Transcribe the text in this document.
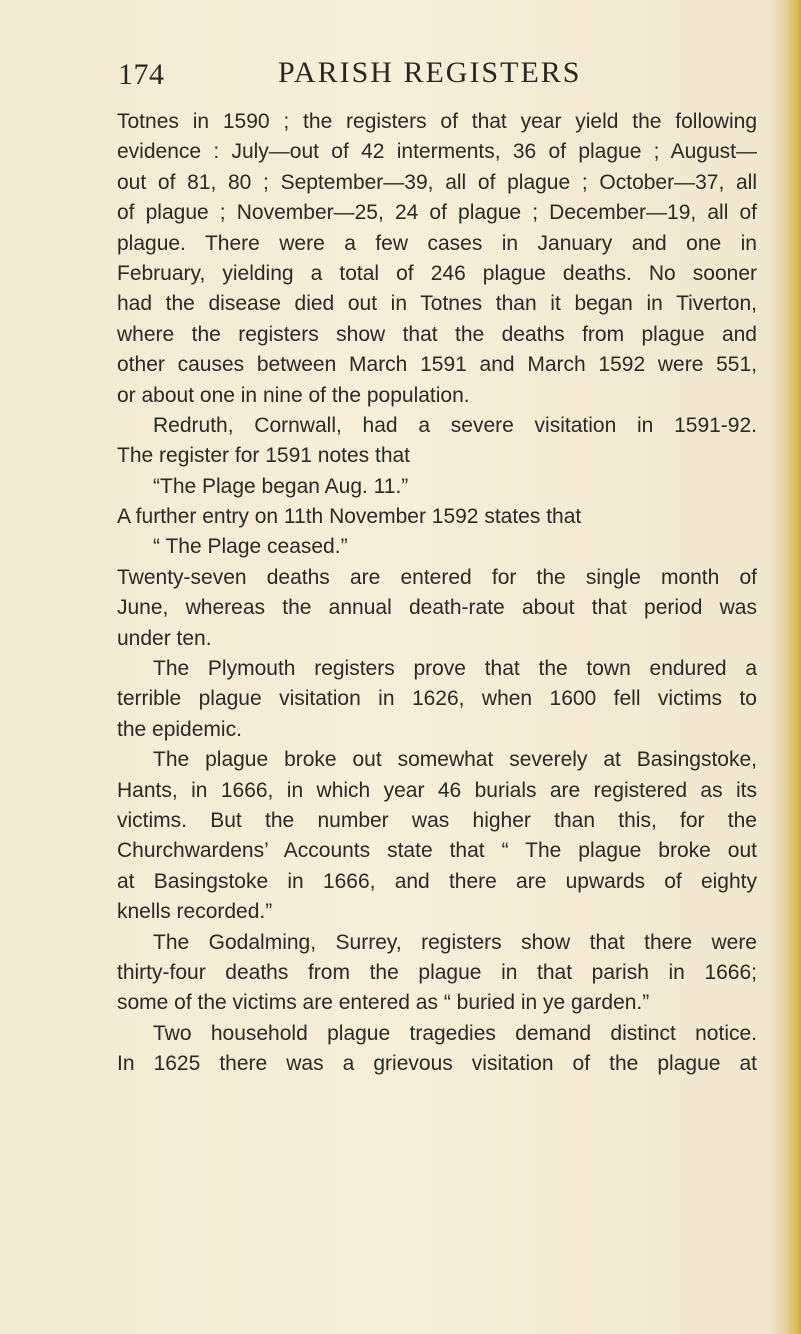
174	PARISH REGISTERS
Totnes in 1590 ; the registers of that year yield the following
evidence : July—out of 42 interments, 36 of plague ; August—
out of 81, 80 ; September—39, all of plague ; October—37, all
of plague ; November—25, 24 of plague ; December—19, all of
plague. There were a few cases in January and one in
February, yielding a total of 246 plague deaths. No sooner
had the disease died out in Totnes than it began in Tiverton,
where the registers show that the deaths from plague and
other causes between March 1591 and March 1592 were 551,
or about one in nine of the population.
Redruth, Cornwall, had a severe visitation in 1591-92.
The register for 1591 notes that
“The Plage began Aug. 11.”
A further entry on 11th November 1592 states that
“ The Plage ceased.”
Twenty-seven deaths are entered for the single month of
June, whereas the annual death-rate about that period was
under ten.
The Plymouth registers prove that the town endured a
terrible plague visitation in 1626, when 1600 fell victims to
the epidemic.
The plague broke out somewhat severely at Basingstoke,
Hants, in 1666, in which year 46 burials are registered as its
victims. But the number was higher than this, for the
Churchwardens’ Accounts state that “ The plague broke out
at Basingstoke in 1666, and there are upwards of eighty
knells recorded.”
The Godalming, Surrey, registers show that there were
thirty-four deaths from the plague in that parish in 1666;
some of the victims are entered as “ buried in ye garden.”
Two household plague tragedies demand distinct notice.
In 1625 there was a grievous visitation of the plague at
